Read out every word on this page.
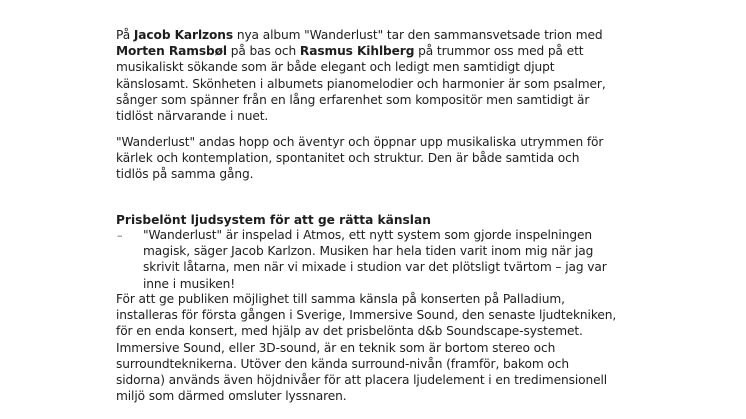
På Jacob Karlzons nya album "Wanderlust" tar den sammansvetsade trion med
Morten Ramsbøl på bas och Rasmus Kihlberg på trummor oss med på ett
musikaliskt sökande som är både elegant och ledigt men samtidigt djupt
känslosamt. Skönheten i albumets pianomelodier och harmonier är som psalmer,
sånger som spänner från en lång erfarenhet som kompositör men samtidigt är
tidlöst närvarande i nuet.

"Wanderlust" andas hopp och äventyr och öppnar upp musikaliska utrymmen för
kärlek och kontemplation, spontanitet och struktur. Den är både samtida och
tidlös på samma gång.

Prisbelönt ljudsystem för att ge rätta känslan
– "Wanderlust" är inspelad i Atmos, ett nytt system som gjorde inspelningen
magisk, säger Jacob Karlzon. Musiken har hela tiden varit inom mig när jag
skrivit låtarna, men när vi mixade i studion var det plötsligt tvärtom – jag var
inne i musiken!

För att ge publiken möjlighet till samma känsla på konserten på Palladium,
installeras för första gången i Sverige, Immersive Sound, den senaste ljudtekniken,
för en enda konsert, med hjälp av det prisbelönta d&b Soundscape-systemet.
Immersive Sound, eller 3D-sound, är en teknik som är bortom stereo och
surroundteknikerna. Utöver den kända surround-nivån (framför, bakom och
sidorna) används även höjdnivåer för att placera ljudelement i en tredimensionell
miljö som därmed omsluter lyssnaren.
